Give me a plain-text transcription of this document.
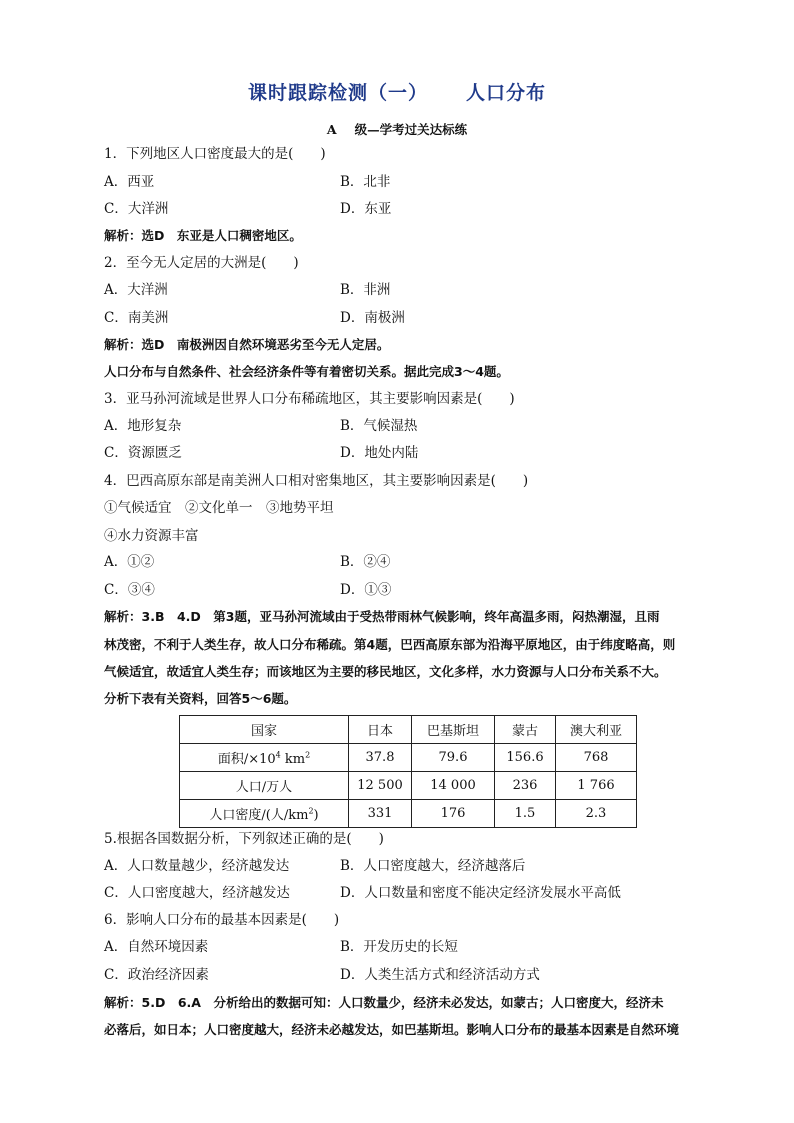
课时跟踪检测（一） 人口分布
A 级—学考过关达标练
1．下列地区人口密度最大的是(　　)
A．西亚	B．北非
C．大洋洲	D．东亚
解析：选D　东亚是人口稠密地区。
2．至今无人定居的大洲是(　　)
A．大洋洲	B．非洲
C．南美洲	D．南极洲
解析：选D　南极洲因自然环境恶劣至今无人定居。
人口分布与自然条件、社会经济条件等有着密切关系。据此完成3～4题。
3．亚马孙河流域是世界人口分布稀疏地区，其主要影响因素是(　　)
A．地形复杂	B．气候湿热
C．资源匮乏	D．地处内陆
4．巴西高原东部是南美洲人口相对密集地区，其主要影响因素是(　　)
①气候适宜　②文化单一　③地势平坦
④水力资源丰富
A．①②	B．②④
C．③④	D．①③
解析：3.B　4.D　第3题，亚马孙河流域由于受热带雨林气候影响，终年高温多雨，闷热潮湿，且雨
林茂密，不利于人类生存，故人口分布稀疏。第4题，巴西高原东部为沿海平原地区，由于纬度略高，则
气候适宜，故适宜人类生存；而该地区为主要的移民地区，文化多样，水力资源与人口分布关系不大。
分析下表有关资料，回答5～6题。
国家	日本	巴基斯坦	蒙古	澳大利亚
面积$/\times 10^4$ $km^2$	37.8	79.6	156.6	768
人口/万人	12 500	14 000	236	1 766
人口密度/(人$/km^2$)	331	176	1.5	2.3
5.根据各国数据分析，下列叙述正确的是(　　)
A．人口数量越少，经济越发达	B．人口密度越大，经济越落后
C．人口密度越大，经济越发达	D．人口数量和密度不能决定经济发展水平高低
6．影响人口分布的最基本因素是(　　)
A．自然环境因素	B．开发历史的长短
C．政治经济因素	D．人类生活方式和经济活动方式
解析：5.D　6.A　分析给出的数据可知：人口数量少，经济未必发达，如蒙古；人口密度大，经济未
必落后，如日本；人口密度越大，经济未必越发达，如巴基斯坦。影响人口分布的最基本因素是自然环境
